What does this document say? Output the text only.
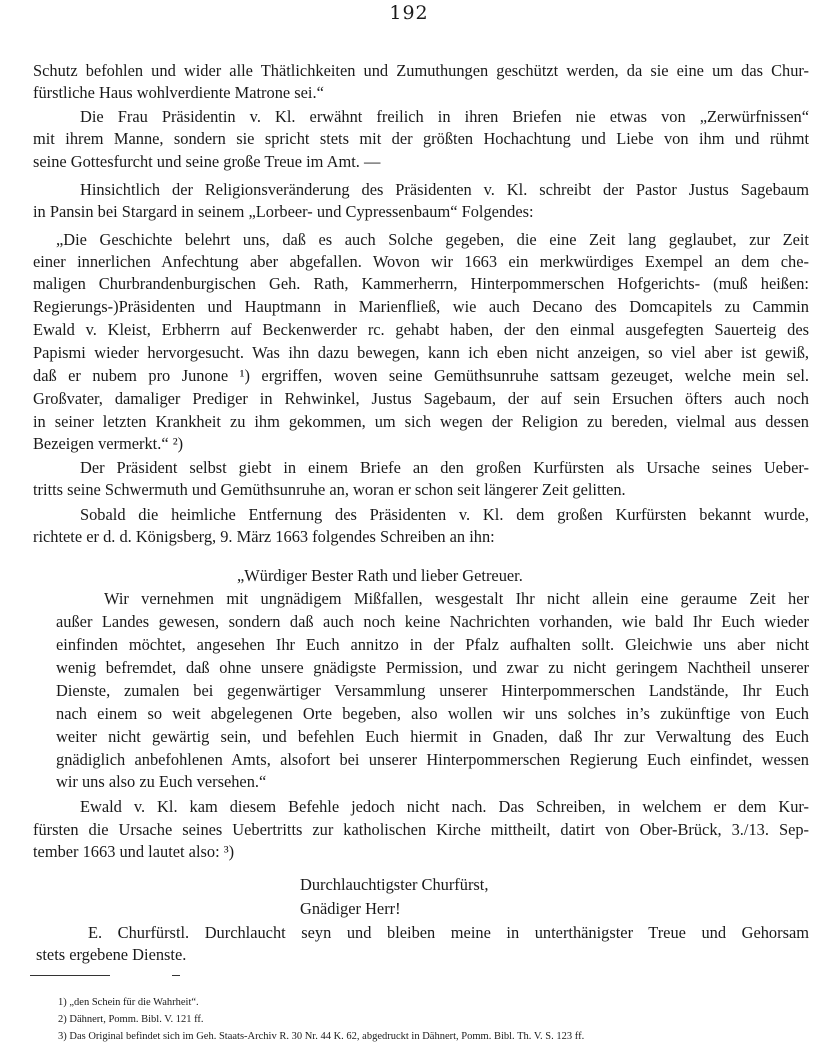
192
Schutz befohlen und wider alle Thätlichkeiten und Zumuthungen geschützt werden, da sie eine um das Chur-
fürstliche Haus wohlverdiente Matrone sei.“
Die Frau Präsidentin v. Kl. erwähnt freilich in ihren Briefen nie etwas von „Zerwürfnissen“
mit ihrem Manne, sondern sie spricht stets mit der größten Hochachtung und Liebe von ihm und rühmt
seine Gottesfurcht und seine große Treue im Amt. —
Hinsichtlich der Religionsveränderung des Präsidenten v. Kl. schreibt der Pastor Justus Sagebaum
in Pansin bei Stargard in seinem „Lorbeer- und Cypressenbaum“ Folgendes:
„Die Geschichte belehrt uns, daß es auch Solche gegeben, die eine Zeit lang geglaubet, zur Zeit
einer innerlichen Anfechtung aber abgefallen. Wovon wir 1663 ein merkwürdiges Exempel an dem che-
maligen Churbrandenburgischen Geh. Rath, Kammerherrn, Hinterpommerschen Hofgerichts- (muß heißen:
Regierungs-)Präsidenten und Hauptmann in Marienfließ, wie auch Decano des Domcapitels zu Cammin
Ewald v. Kleist, Erbherrn auf Beckenwerder rc. gehabt haben, der den einmal ausgefegten Sauerteig des
Papismi wieder hervorgesucht. Was ihn dazu bewegen, kann ich eben nicht anzeigen, so viel aber ist gewiß,
daß er nubem pro Junone ¹) ergriffen, woven seine Gemüthsunruhe sattsam gezeuget, welche mein sel.
Großvater, damaliger Prediger in Rehwinkel, Justus Sagebaum, der auf sein Ersuchen öfters auch noch
in seiner letzten Krankheit zu ihm gekommen, um sich wegen der Religion zu bereden, vielmal aus dessen
Bezeigen vermerkt.“ ²)
Der Präsident selbst giebt in einem Briefe an den großen Kurfürsten als Ursache seines Ueber-
tritts seine Schwermuth und Gemüthsunruhe an, woran er schon seit längerer Zeit gelitten.
Sobald die heimliche Entfernung des Präsidenten v. Kl. dem großen Kurfürsten bekannt wurde,
richtete er d. d. Königsberg, 9. März 1663 folgendes Schreiben an ihn:
„Würdiger Bester Rath und lieber Getreuer.
Wir vernehmen mit ungnädigem Mißfallen, wesgestalt Ihr nicht allein eine geraume Zeit her
außer Landes gewesen, sondern daß auch noch keine Nachrichten vorhanden, wie bald Ihr Euch wieder
einfinden möchtet, angesehen Ihr Euch annitzo in der Pfalz aufhalten sollt. Gleichwie uns aber nicht
wenig befremdet, daß ohne unsere gnädigste Permission, und zwar zu nicht geringem Nachtheil unserer
Dienste, zumalen bei gegenwärtiger Versammlung unserer Hinterpommerschen Landstände, Ihr Euch
nach einem so weit abgelegenen Orte begeben, also wollen wir uns solches in’s zukünftige von Euch
weiter nicht gewärtig sein, und befehlen Euch hiermit in Gnaden, daß Ihr zur Verwaltung des Euch
gnädiglich anbefohlenen Amts, alsofort bei unserer Hinterpommerschen Regierung Euch einfindet, wessen
wir uns also zu Euch versehen.“
Ewald v. Kl. kam diesem Befehle jedoch nicht nach. Das Schreiben, in welchem er dem Kur-
fürsten die Ursache seines Uebertritts zur katholischen Kirche mittheilt, datirt von Ober-Brück, 3./13. Sep-
tember 1663 und lautet also: ³)
Durchlauchtigster Churfürst,
Gnädiger Herr!
E. Churfürstl. Durchlaucht seyn und bleiben meine in unterthänigster Treue und Gehorsam
stets ergebene Dienste.
1) „den Schein für die Wahrheit“.
2) Dähnert, Pomm. Bibl. V. 121 ff.
3) Das Original befindet sich im Geh. Staats-Archiv R. 30 Nr. 44 K. 62, abgedruckt in Dähnert, Pomm. Bibl. Th. V. S. 123 ff.
